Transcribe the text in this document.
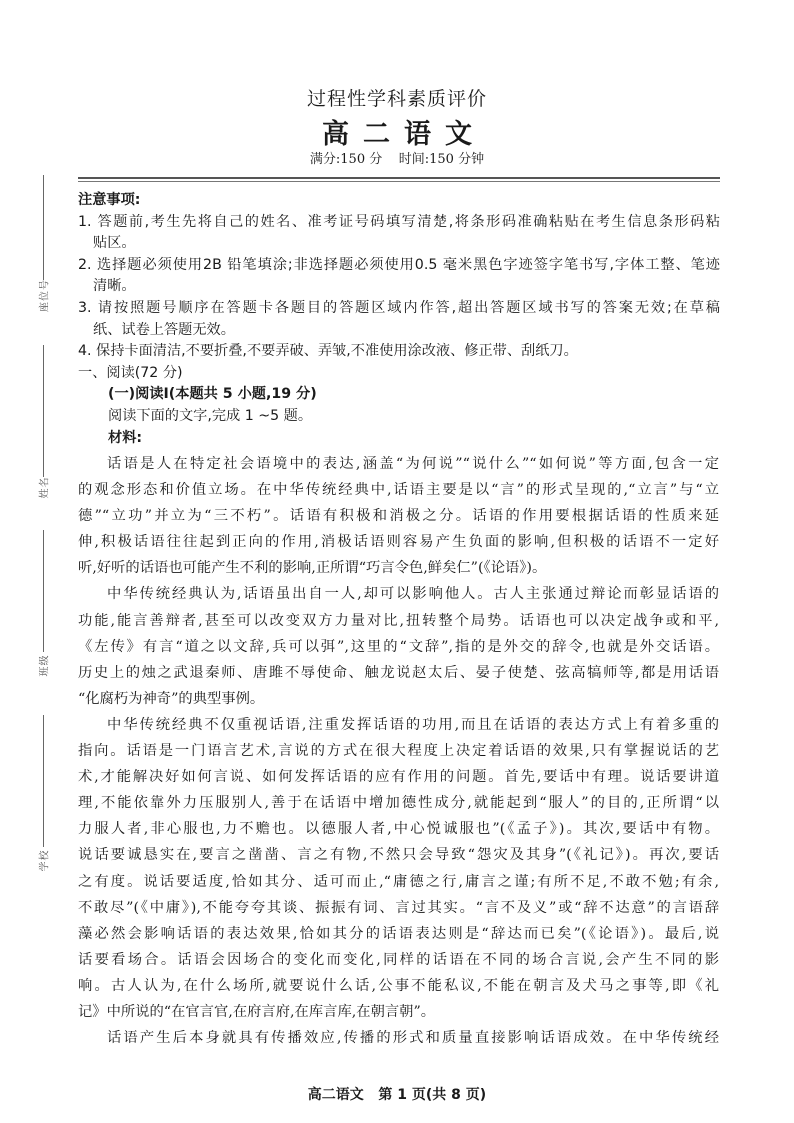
座位号
姓名
班级
学校
过程性学科素质评价
高二语文
满分:150 分    时间:150 分钟
注意事项:
1. 答题前,考生先将自己的姓名、准考证号码填写清楚,将条形码准确粘贴在考生信息条形码粘
贴区。
2. 选择题必须使用2B 铅笔填涂;非选择题必须使用0.5 毫米黑色字迹签字笔书写,字体工整、笔迹
清晰。
3. 请按照题号顺序在答题卡各题目的答题区域内作答,超出答题区域书写的答案无效;在草稿
纸、试卷上答题无效。
4. 保持卡面清洁,不要折叠,不要弄破、弄皱,不准使用涂改液、修正带、刮纸刀。
一、阅读(72 分)
(一)阅读Ⅰ(本题共 5 小题,19 分)
阅读下面的文字,完成 1 ~5 题。
材料:
话语是人在特定社会语境中的表达,涵盖“为何说”“说什么”“如何说”等方面,包含一定
的观念形态和价值立场。在中华传统经典中,话语主要是以“言”的形式呈现的,“立言”与“立
德”“立功”并立为“三不朽”。话语有积极和消极之分。话语的作用要根据话语的性质来延
伸,积极话语往往起到正向的作用,消极话语则容易产生负面的影响,但积极的话语不一定好
听,好听的话语也可能产生不利的影响,正所谓“巧言令色,鲜矣仁”(《论语》)。
中华传统经典认为,话语虽出自一人,却可以影响他人。古人主张通过辩论而彰显话语的
功能,能言善辩者,甚至可以改变双方力量对比,扭转整个局势。话语也可以决定战争或和平,
《左传》有言“道之以文辞,兵可以弭”,这里的“文辞”,指的是外交的辞令,也就是外交话语。
历史上的烛之武退秦师、唐雎不辱使命、触龙说赵太后、晏子使楚、弦高犒师等,都是用话语
“化腐朽为神奇”的典型事例。
中华传统经典不仅重视话语,注重发挥话语的功用,而且在话语的表达方式上有着多重的
指向。话语是一门语言艺术,言说的方式在很大程度上决定着话语的效果,只有掌握说话的艺
术,才能解决好如何言说、如何发挥话语的应有作用的问题。首先,要话中有理。说话要讲道
理,不能依靠外力压服别人,善于在话语中增加德性成分,就能起到“服人”的目的,正所谓“以
力服人者,非心服也,力不赡也。以德服人者,中心悦诚服也”(《孟子》)。其次,要话中有物。
说话要诚恳实在,要言之凿凿、言之有物,不然只会导致“怨灾及其身”(《礼记》)。再次,要话
之有度。说话要适度,恰如其分、适可而止,“庸德之行,庸言之谨;有所不足,不敢不勉;有余,
不敢尽”(《中庸》),不能夸夸其谈、振振有词、言过其实。“言不及义”或“辞不达意”的言语辞
藻必然会影响话语的表达效果,恰如其分的话语表达则是“辞达而已矣”(《论语》)。最后,说
话要看场合。话语会因场合的变化而变化,同样的话语在不同的场合言说,会产生不同的影
响。古人认为,在什么场所,就要说什么话,公事不能私议,不能在朝言及犬马之事等,即《礼
记》中所说的“在官言官,在府言府,在库言库,在朝言朝”。
话语产生后本身就具有传播效应,传播的形式和质量直接影响话语成效。在中华传统经
高二语文   第 1 页(共 8 页)
